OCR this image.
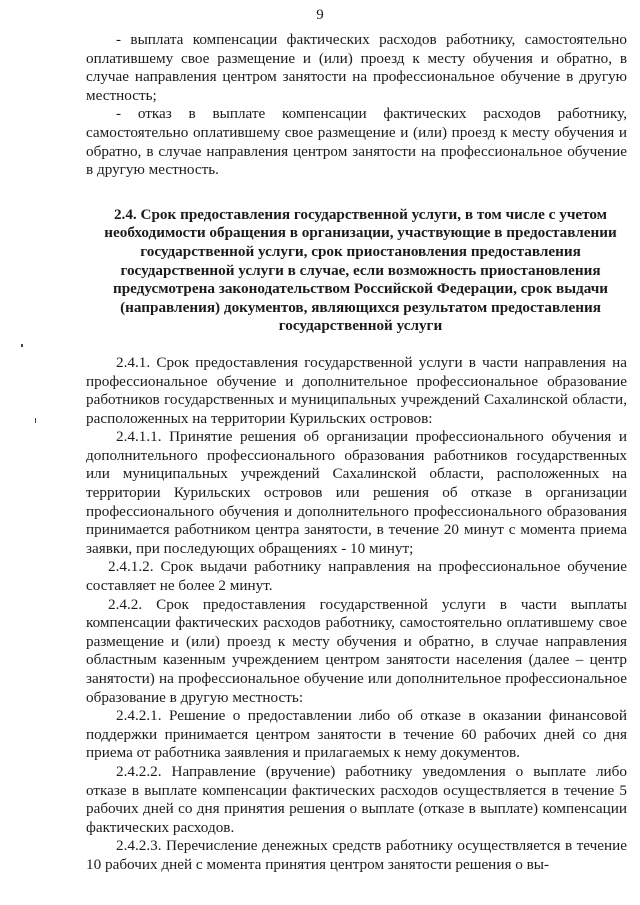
9

- выплата компенсации фактических расходов работнику, самостоятельно оплатившему свое размещение и (или) проезд к месту обучения и обратно, в случае направления центром занятости на профессиональное обучение в другую местность;

- отказ в выплате компенсации фактических расходов работнику, самостоятельно оплатившему свое размещение и (или) проезд к месту обучения и обратно, в случае направления центром занятости на профессиональное обучение в другую местность.

2.4. Срок предоставления государственной услуги, в том числе с учетом необходимости обращения в организации, участвующие в предоставлении государственной услуги, срок приостановления предоставления государственной услуги в случае, если возможность приостановления предусмотрена законодательством Российской Федерации, срок выдачи (направления) документов, являющихся результатом предоставления государственной услуги

2.4.1. Срок предоставления государственной услуги в части направления на профессиональное обучение и дополнительное профессиональное образование работников государственных и муниципальных учреждений Сахалинской области, расположенных на территории Курильских островов:

2.4.1.1. Принятие решения об организации профессионального обучения и дополнительного профессионального образования работников государственных или муниципальных учреждений Сахалинской области, расположенных на территории Курильских островов или решения об отказе в организации профессионального обучения и дополнительного профессионального образования принимается работником центра занятости, в течение 20 минут с момента приема заявки, при последующих обращениях - 10 минут;

2.4.1.2. Срок выдачи работнику направления на профессиональное обучение составляет не более 2 минут.

2.4.2. Срок предоставления государственной услуги в части выплаты компенсации фактических расходов работнику, самостоятельно оплатившему свое размещение и (или) проезд к месту обучения и обратно, в случае направления областным казенным учреждением центром занятости населения (далее – центр занятости) на профессиональное обучение или дополнительное профессиональное образование в другую местность:

2.4.2.1. Решение о предоставлении либо об отказе в оказании финансовой поддержки принимается центром занятости в течение 60 рабочих дней со дня приема от работника заявления и прилагаемых к нему документов.

2.4.2.2. Направление (вручение) работнику уведомления о выплате либо отказе в выплате компенсации фактических расходов осуществляется в течение 5 рабочих дней со дня принятия решения о выплате (отказе в выплате) компенсации фактических расходов.

2.4.2.3. Перечисление денежных средств работнику осуществляется в течение 10 рабочих дней с момента принятия центром занятости решения о вы-
